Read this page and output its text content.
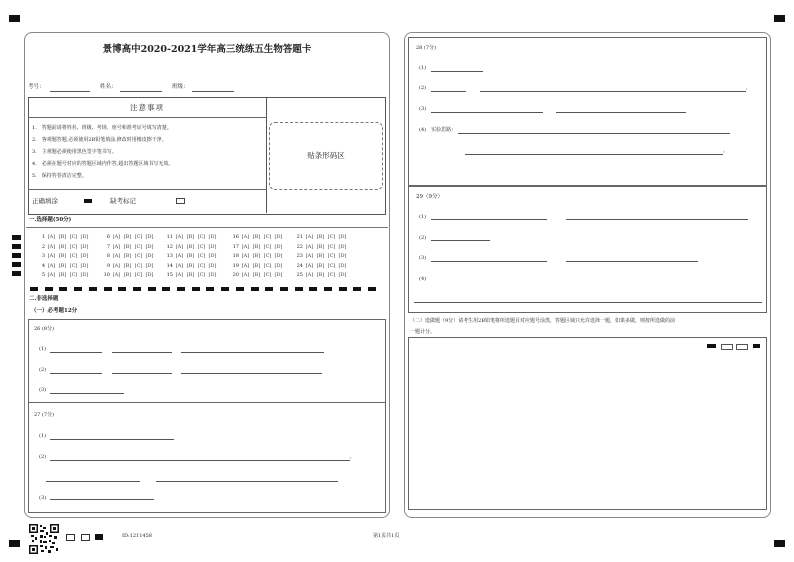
景博高中2020-2021学年高三统练五生物答题卡
考号：	姓名：	班级：
注意事项
1.　答题前请将姓名、班级、考场、座号和准考证号填写清楚。
2.　客观题答题,必须使用2B铅笔填涂,修改时用橡皮擦干净。
3.　主观题必须使用黑色签字笔书写。
4.　必须在题号对应的答题区域内作答,超出答题区域书写无效。
5.　保持答卷清洁完整。
正确填涂	缺考标记
贴条形码区
一.选择题(50分)
1 [A] [B] [C] [D]
2 [A] [B] [C] [D]
3 [A] [B] [C] [D]
4 [A] [B] [C] [D]
5 [A] [B] [C] [D]
6 [A] [B] [C] [D]
7 [A] [B] [C] [D]
8 [A] [B] [C] [D]
9 [A] [B] [C] [D]
10 [A] [B] [C] [D]
11 [A] [B] [C] [D]
12 [A] [B] [C] [D]
13 [A] [B] [C] [D]
14 [A] [B] [C] [D]
15 [A] [B] [C] [D]
16 [A] [B] [C] [D]
17 [A] [B] [C] [D]
18 [A] [B] [C] [D]
19 [A] [B] [C] [D]
20 [A] [B] [C] [D]
21 [A] [B] [C] [D]
22 [A] [B] [C] [D]
23 [A] [B] [C] [D]
24 [A] [B] [C] [D]
25 [A] [B] [C] [D]
二.非选择题
（一）必考题12分
26 (8分)
(1)
(2)
(3)
27 (7分)
(1)
(2)	，
(3)
28 (7分)
(1)
(2)	，
(3)
(4)　实验思路：
。
29（9分）
(1)
(2)
(3)
(4)
（二）选做题（9分）请考生用2B铅笔将所选题目对应题号涂黑，答题区域只允许选择一题，如果多做，则按所选做的前
一题计分。
ID:1211458	第1页共1页
